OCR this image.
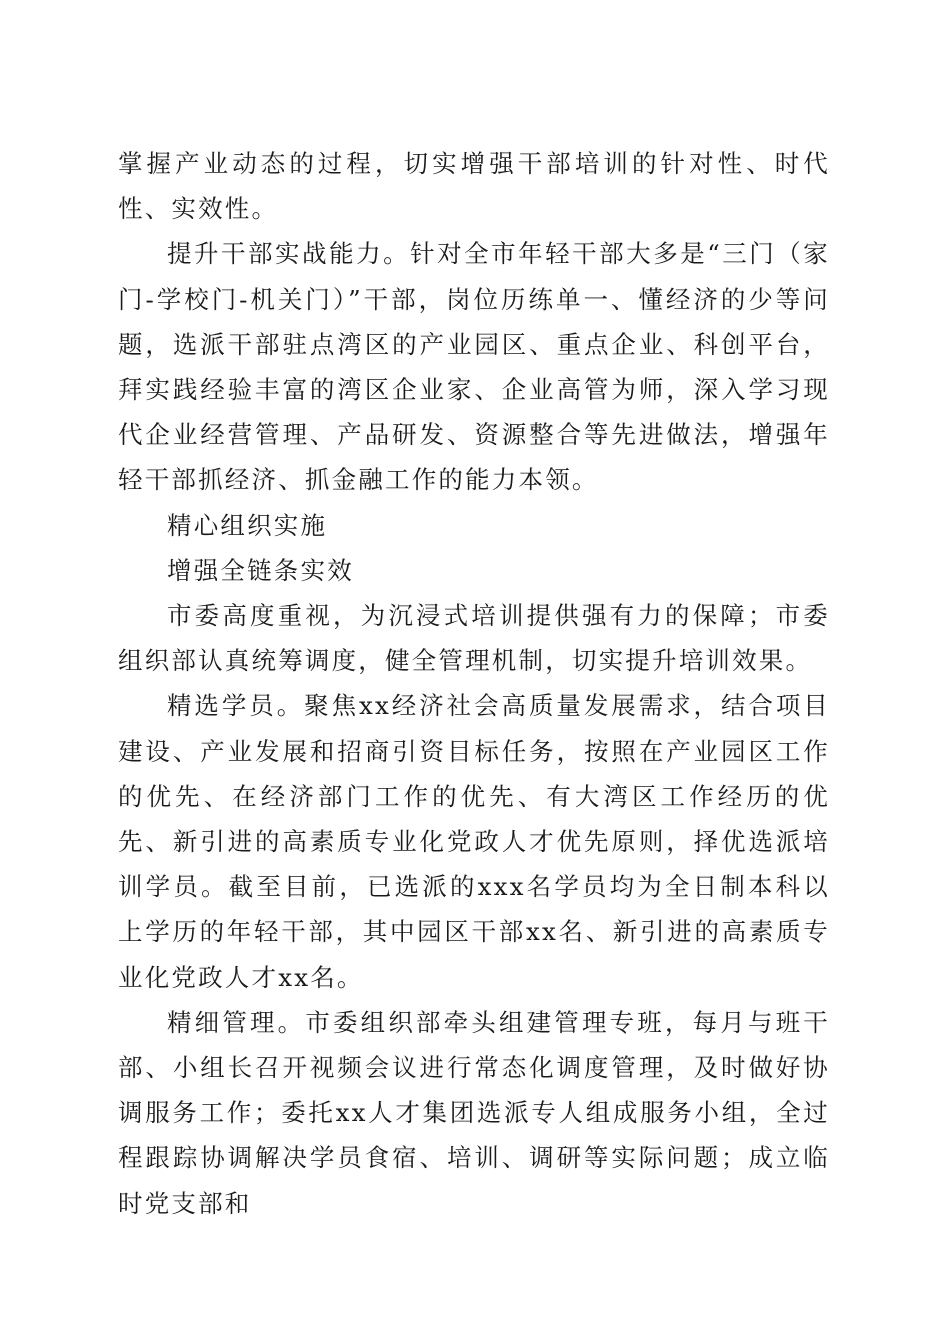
掌握产业动态的过程，切实增强干部培训的针对性、时代性、实效性。

提升干部实战能力。针对全市年轻干部大多是“三门（家门-学校门-机关门）”干部，岗位历练单一、懂经济的少等问题，选派干部驻点湾区的产业园区、重点企业、科创平台，拜实践经验丰富的湾区企业家、企业高管为师，深入学习现代企业经营管理、产品研发、资源整合等先进做法，增强年轻干部抓经济、抓金融工作的能力本领。

精心组织实施

增强全链条实效

市委高度重视，为沉浸式培训提供强有力的保障；市委组织部认真统筹调度，健全管理机制，切实提升培训效果。

精选学员。聚焦xx经济社会高质量发展需求，结合项目建设、产业发展和招商引资目标任务，按照在产业园区工作的优先、在经济部门工作的优先、有大湾区工作经历的优先、新引进的高素质专业化党政人才优先原则，择优选派培训学员。截至目前，已选派的xxx名学员均为全日制本科以上学历的年轻干部，其中园区干部xx名、新引进的高素质专业化党政人才xx名。

精细管理。市委组织部牵头组建管理专班，每月与班干部、小组长召开视频会议进行常态化调度管理，及时做好协调服务工作；委托xx人才集团选派专人组成服务小组，全过程跟踪协调解决学员食宿、培训、调研等实际问题；成立临时党支部和
